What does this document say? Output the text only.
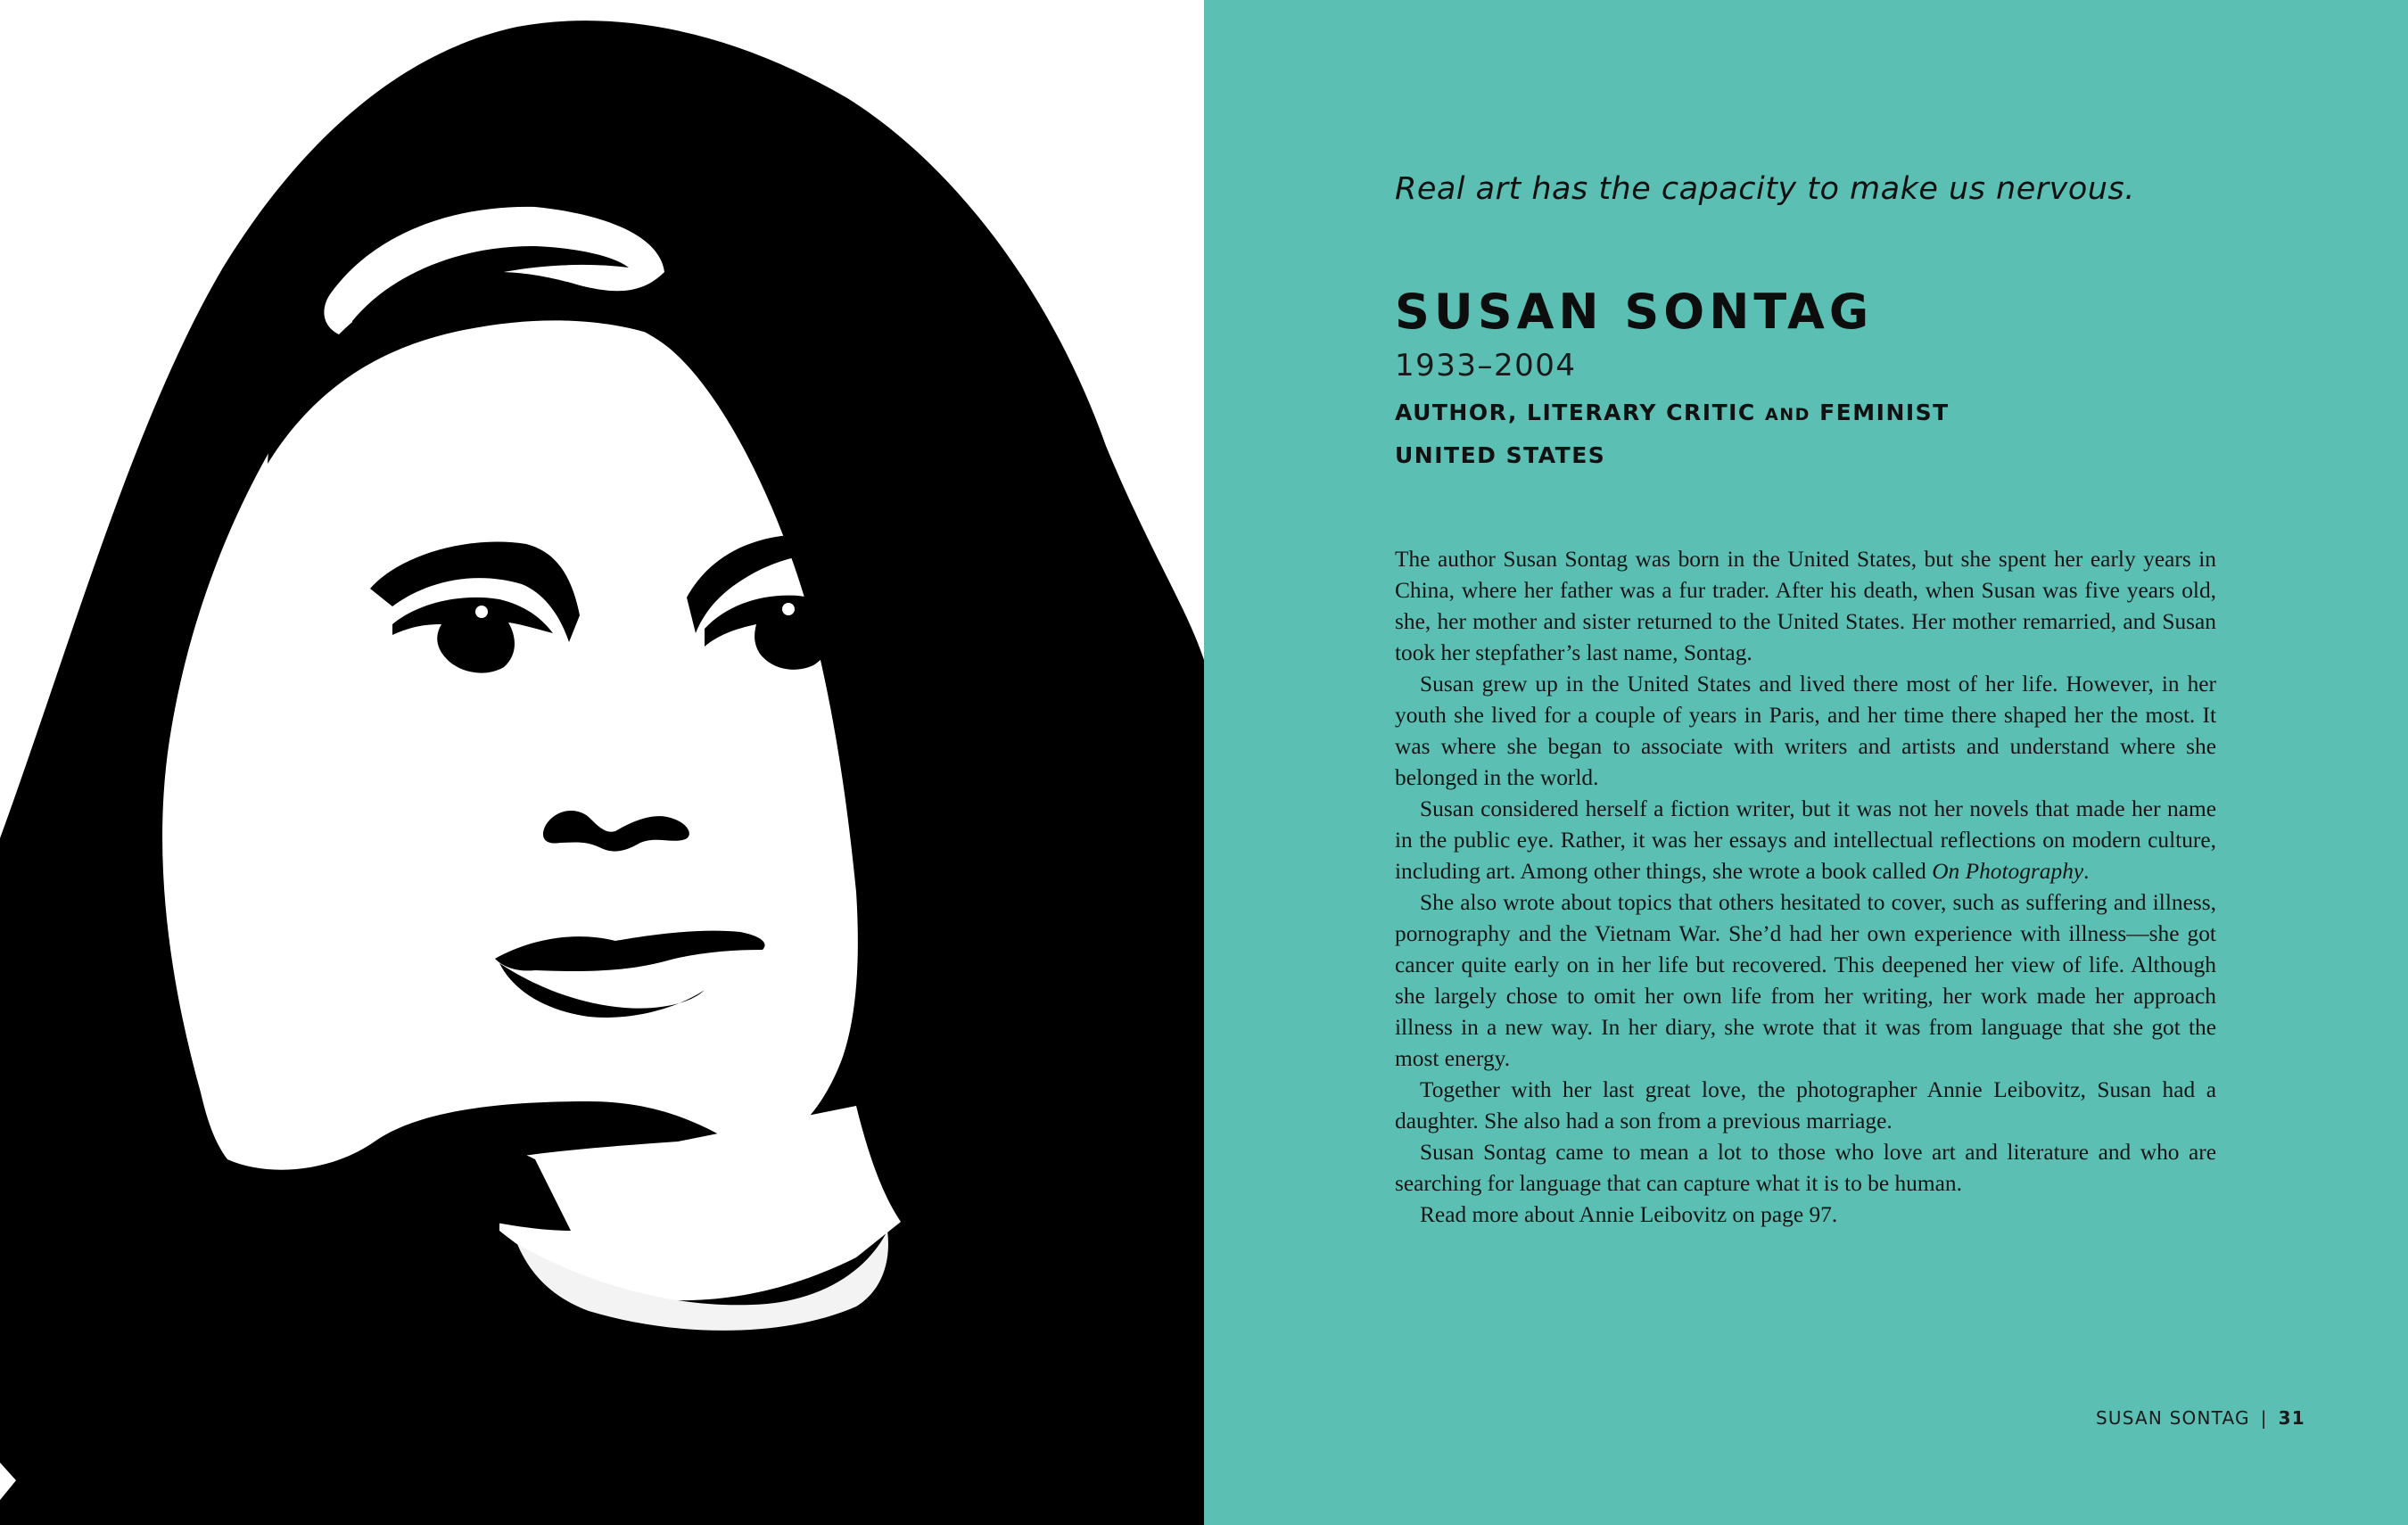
Real art has the capacity to make us nervous.
SUSAN SONTAG
1933–2004
AUTHOR, LITERARY CRITIC AND FEMINIST
UNITED STATES

The author Susan Sontag was born in the United States, but she spent her early years in China, where her father was a fur trader. After his death, when Susan was five years old, she, her mother and sister returned to the United States. Her mother remarried, and Susan took her stepfather’s last name, Sontag.

Susan grew up in the United States and lived there most of her life. However, in her youth she lived for a couple of years in Paris, and her time there shaped her the most. It was where she began to associate with writers and artists and understand where she belonged in the world.

Susan considered herself a fiction writer, but it was not her novels that made her name in the public eye. Rather, it was her essays and intellectual reflections on modern culture, including art. Among other things, she wrote a book called On Photography.

She also wrote about topics that others hesitated to cover, such as suffering and illness, pornography and the Vietnam War. She’d had her own experience with illness—she got cancer quite early on in her life but recovered. This deepened her view of life. Although she largely chose to omit her own life from her writing, her work made her approach illness in a new way. In her diary, she wrote that it was from language that she got the most energy.

Together with her last great love, the photographer Annie Leibovitz, Susan had a daughter. She also had a son from a previous marriage.

Susan Sontag came to mean a lot to those who love art and literature and who are searching for language that can capture what it is to be human.

Read more about Annie Leibovitz on page 97.

SUSAN SONTAG | 31
